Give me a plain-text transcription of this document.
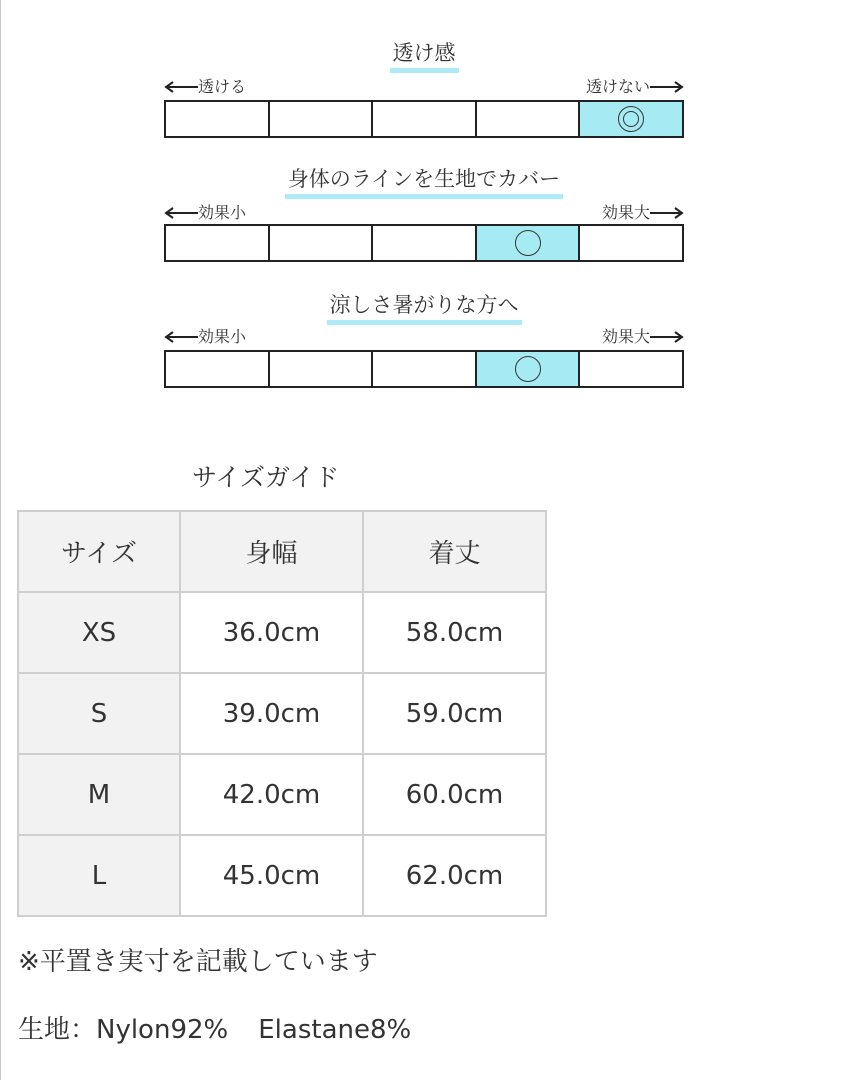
透け感
透ける	透けない
身体のラインを生地でカバー
効果小	効果大
涼しさ暑がりな方へ
効果小	効果大
サイズガイド
サイズ	身幅	着丈
XS	36.0cm	58.0cm
S	39.0cm	59.0cm
M	42.0cm	60.0cm
L	45.0cm	62.0cm
※平置き実寸を記載しています
生地：Nylon92% Elastane8%
